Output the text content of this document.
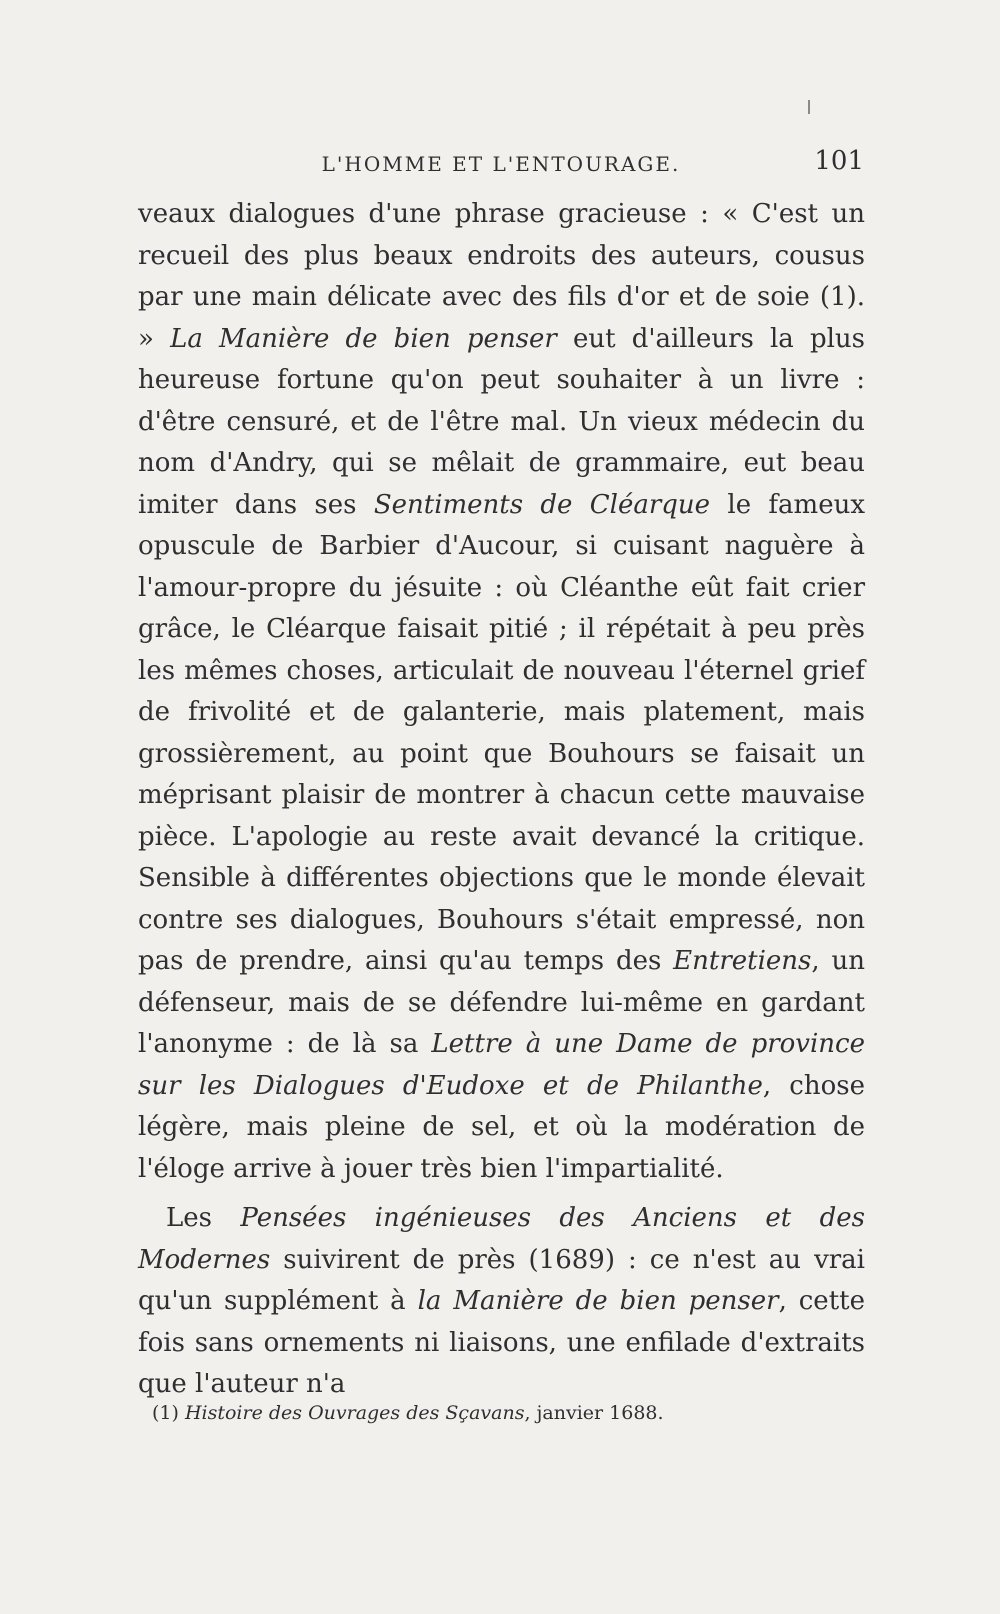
L'HOMME ET L'ENTOURAGE.	101

veaux dialogues d'une phrase gracieuse : « C'est un recueil des plus beaux endroits des auteurs, cousus par une main délicate avec des fils d'or et de soie (1). » La Manière de bien penser eut d'ailleurs la plus heureuse fortune qu'on peut souhaiter à un livre : d'être censuré, et de l'être mal. Un vieux médecin du nom d'Andry, qui se mêlait de grammaire, eut beau imiter dans ses Sentiments de Cléarque le fameux opuscule de Barbier d'Aucour, si cuisant naguère à l'amour-propre du jésuite : où Cléanthe eût fait crier grâce, le Cléarque faisait pitié ; il répétait à peu près les mêmes choses, articulait de nouveau l'éternel grief de frivolité et de galanterie, mais platement, mais grossièrement, au point que Bouhours se faisait un méprisant plaisir de montrer à chacun cette mauvaise pièce. L'apologie au reste avait devancé la critique. Sensible à différentes objections que le monde élevait contre ses dialogues, Bouhours s'était empressé, non pas de prendre, ainsi qu'au temps des Entretiens, un défenseur, mais de se défendre lui-même en gardant l'anonyme : de là sa Lettre à une Dame de province sur les Dialogues d'Eudoxe et de Philanthe, chose légère, mais pleine de sel, et où la modération de l'éloge arrive à jouer très bien l'impartialité.

Les Pensées ingénieuses des Anciens et des Modernes suivirent de près (1689) : ce n'est au vrai qu'un supplément à la Manière de bien penser, cette fois sans ornements ni liaisons, une enfilade d'extraits que l'auteur n'a

(1) Histoire des Ouvrages des Sçavans, janvier 1688.
